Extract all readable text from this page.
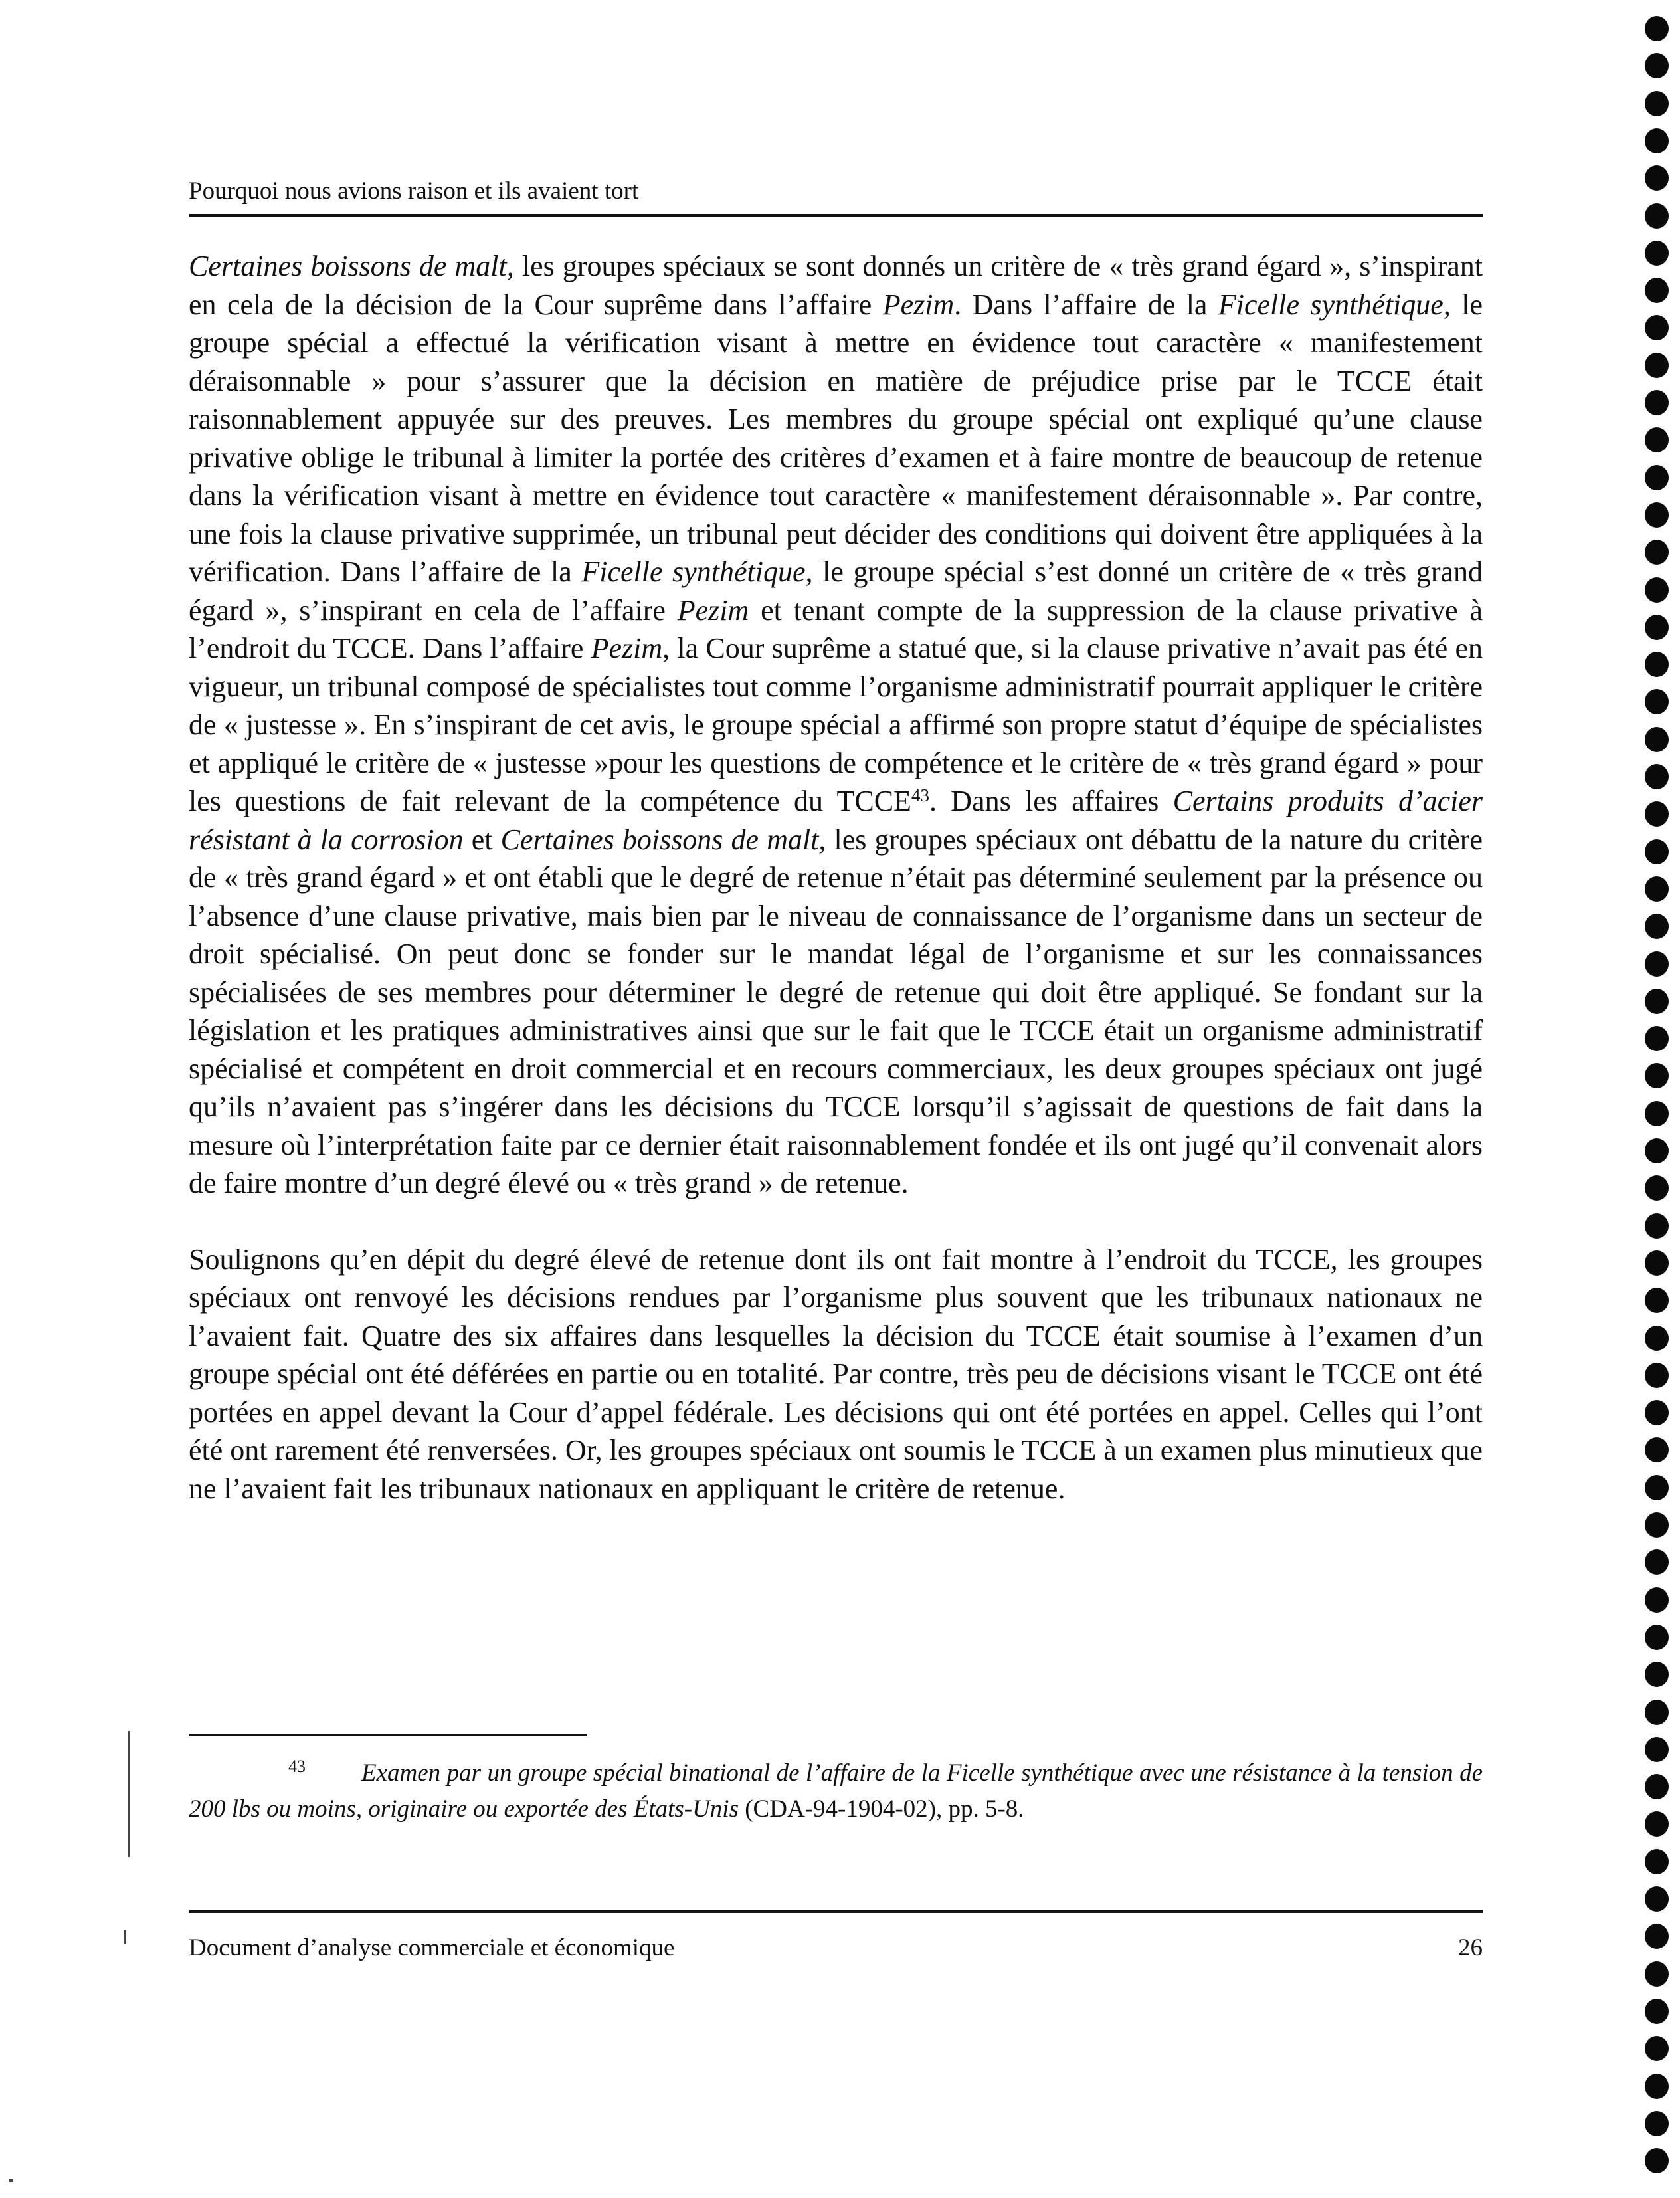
Pourquoi nous avions raison et ils avaient tort

Certaines boissons de malt, les groupes spéciaux se sont donnés un critère de « très grand égard », s’inspirant en cela de la décision de la Cour suprême dans l’affaire Pezim. Dans l’affaire de la Ficelle synthétique, le groupe spécial a effectué la vérification visant à mettre en évidence tout caractère « manifestement déraisonnable » pour s’assurer que la décision en matière de préjudice prise par le TCCE était raisonnablement appuyée sur des preuves. Les membres du groupe spécial ont expliqué qu’une clause privative oblige le tribunal à limiter la portée des critères d’examen et à faire montre de beaucoup de retenue dans la vérification visant à mettre en évidence tout caractère « manifestement déraisonnable ». Par contre, une fois la clause privative supprimée, un tribunal peut décider des conditions qui doivent être appliquées à la vérification. Dans l’affaire de la Ficelle synthétique, le groupe spécial s’est donné un critère de « très grand égard », s’inspirant en cela de l’affaire Pezim et tenant compte de la suppression de la clause privative à l’endroit du TCCE. Dans l’affaire Pezim, la Cour suprême a statué que, si la clause privative n’avait pas été en vigueur, un tribunal composé de spécialistes tout comme l’organisme administratif pourrait appliquer le critère de « justesse ». En s’inspirant de cet avis, le groupe spécial a affirmé son propre statut d’équipe de spécialistes et appliqué le critère de « justesse »pour les questions de compétence et le critère de « très grand égard » pour les questions de fait relevant de la compétence du TCCE$^{43}$. Dans les affaires Certains produits d’acier résistant à la corrosion et Certaines boissons de malt, les groupes spéciaux ont débattu de la nature du critère de « très grand égard » et ont établi que le degré de retenue n’était pas déterminé seulement par la présence ou l’absence d’une clause privative, mais bien par le niveau de connaissance de l’organisme dans un secteur de droit spécialisé. On peut donc se fonder sur le mandat légal de l’organisme et sur les connaissances spécialisées de ses membres pour déterminer le degré de retenue qui doit être appliqué. Se fondant sur la législation et les pratiques administratives ainsi que sur le fait que le TCCE était un organisme administratif spécialisé et compétent en droit commercial et en recours commerciaux, les deux groupes spéciaux ont jugé qu’ils n’avaient pas s’ingérer dans les décisions du TCCE lorsqu’il s’agissait de questions de fait dans la mesure où l’interprétation faite par ce dernier était raisonnablement fondée et ils ont jugé qu’il convenait alors de faire montre d’un degré élevé ou « très grand » de retenue.

Soulignons qu’en dépit du degré élevé de retenue dont ils ont fait montre à l’endroit du TCCE, les groupes spéciaux ont renvoyé les décisions rendues par l’organisme plus souvent que les tribunaux nationaux ne l’avaient fait. Quatre des six affaires dans lesquelles la décision du TCCE était soumise à l’examen d’un groupe spécial ont été déférées en partie ou en totalité. Par contre, très peu de décisions visant le TCCE ont été portées en appel devant la Cour d’appel fédérale. Les décisions qui ont été portées en appel. Celles qui l’ont été ont rarement été renversées. Or, les groupes spéciaux ont soumis le TCCE à un examen plus minutieux que ne l’avaient fait les tribunaux nationaux en appliquant le critère de retenue.

$^{43}$ Examen par un groupe spécial binational de l’affaire de la Ficelle synthétique avec une résistance à la tension de 200 lbs ou moins, originaire ou exportée des États-Unis (CDA-94-1904-02), pp. 5-8.

Document d’analyse commerciale et économique	26
